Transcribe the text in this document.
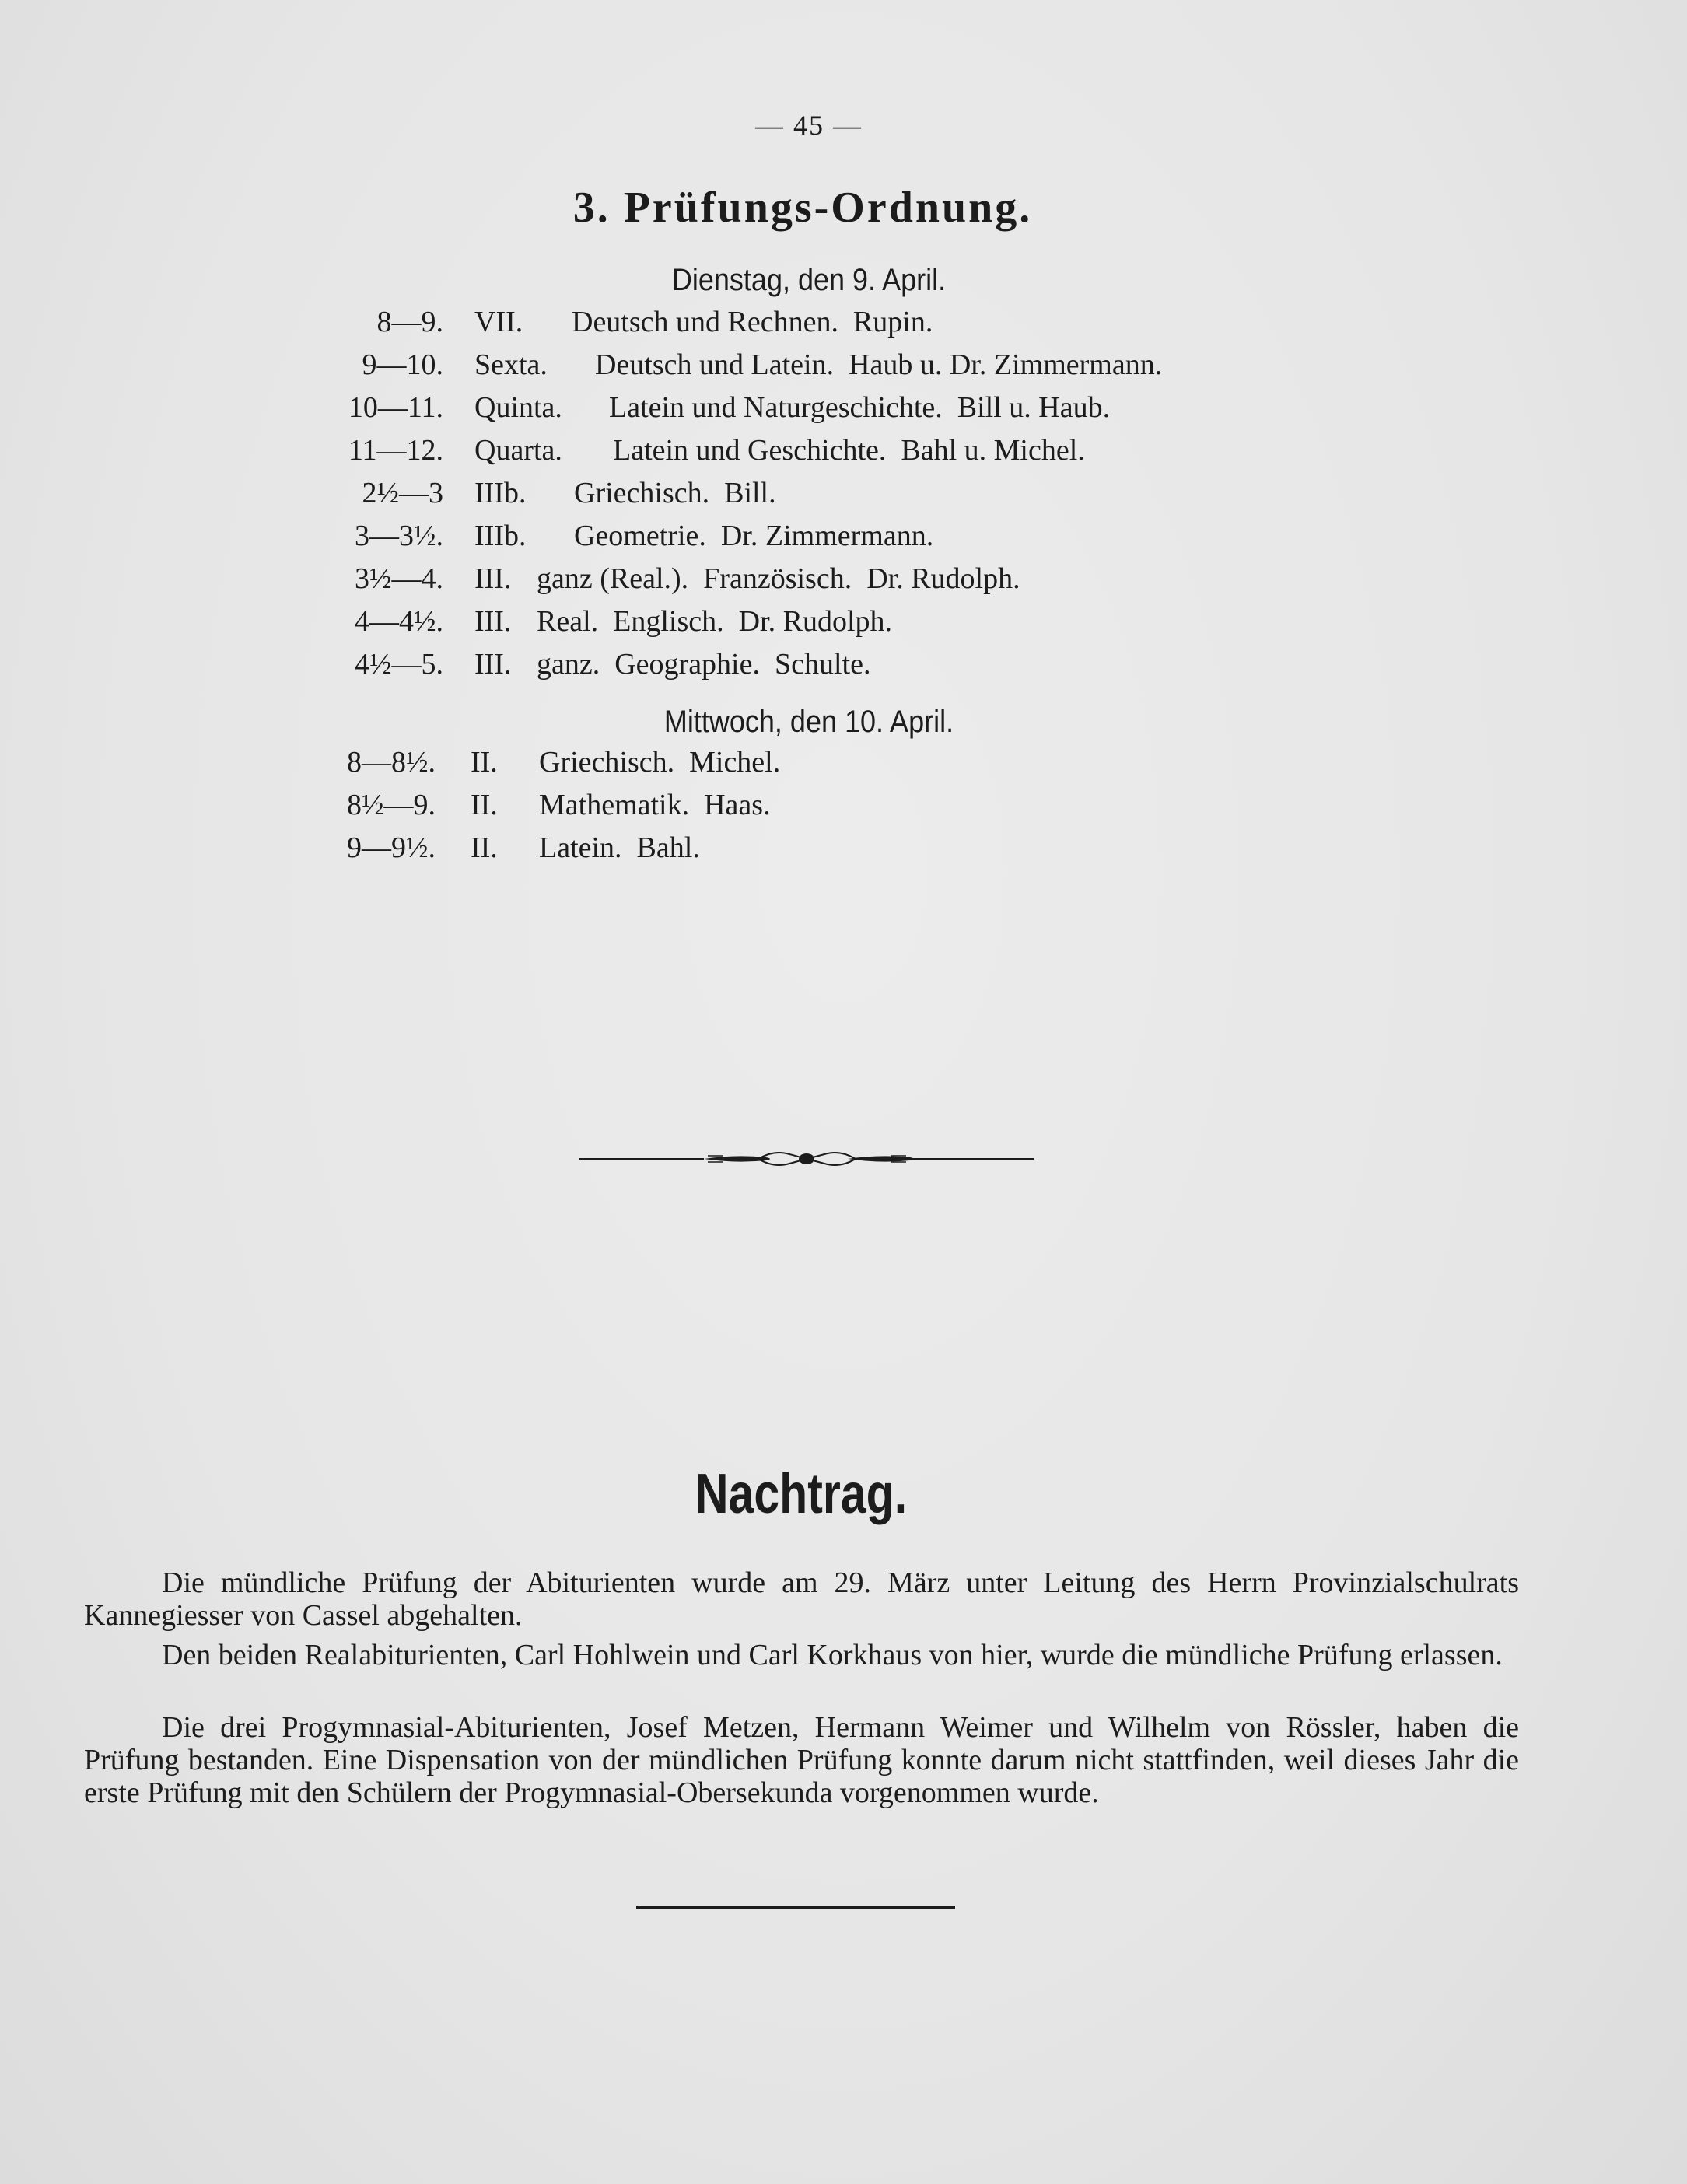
— 45 —
3. Prüfungs-Ordnung.
Dienstag, den 9. April.
8—9. VII. Deutsch und Rechnen.  Rupin.
9—10. Sexta. Deutsch und Latein.  Haub u. Dr. Zimmermann.
10—11. Quinta. Latein und Naturgeschichte.  Bill u. Haub.
11—12. Quarta. Latein und Geschichte.  Bahl u. Michel.
2½—3 IIIb. Griechisch.  Bill.
3—3½. IIIb. Geometrie.  Dr. Zimmermann.
3½—4. III. ganz (Real.).  Französisch.  Dr. Rudolph.
4—4½. III. Real.  Englisch.  Dr. Rudolph.
4½—5. III. ganz.  Geographie.  Schulte.
Mittwoch, den 10. April.
8—8½. II. Griechisch.  Michel.
8½—9. II. Mathematik.  Haas.
9—9½. II. Latein.  Bahl.
Nachtrag.
Die mündliche Prüfung der Abiturienten wurde am 29. März unter Leitung des Herrn Provinzialschulrats Kannegiesser von Cassel abgehalten.
Den beiden Realabiturienten, Carl Hohlwein und Carl Korkhaus von hier, wurde die mündliche Prüfung erlassen.
Die drei Progymnasial-Abiturienten, Josef Metzen, Hermann Weimer und Wilhelm von Rössler, haben die Prüfung bestanden. Eine Dispensation von der mündlichen Prüfung konnte darum nicht stattfinden, weil dieses Jahr die erste Prüfung mit den Schülern der Progymnasial-Obersekunda vorgenommen wurde.
